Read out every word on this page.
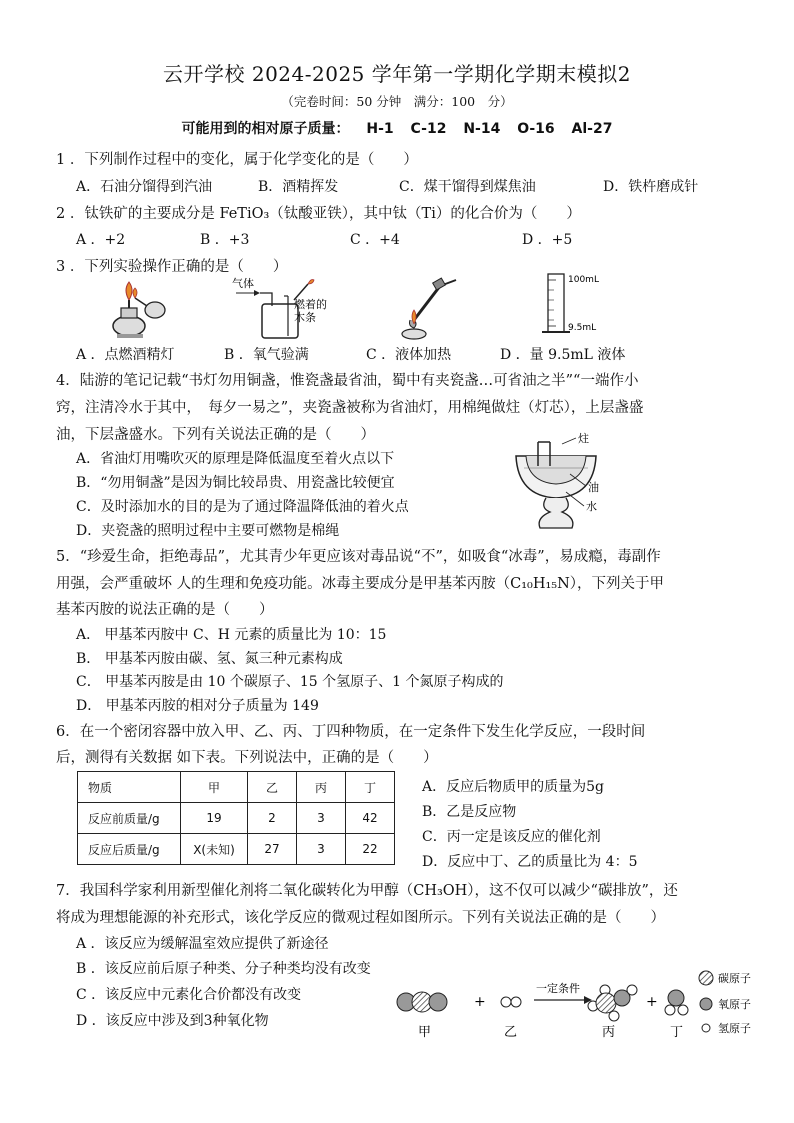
云开学校 2024-2025 学年第一学期化学期末模拟2
（完卷时间：50 分钟　满分：100　分）
可能用到的相对原子质量： H-1 C-12 N-14 O-16 Al-27
1 ．下列制作过程中的变化，属于化学变化的是（　　）
A．石油分馏得到汽油	B．酒精挥发	C．煤干馏得到煤焦油	D．铁杵磨成针
2 ．钛铁矿的主要成分是 FeTiO₃（钛酸亚铁），其中钛（Ti）的化合价为（　　）
A ．+2	B ．+3	C ．+4	D ．+5
3 ．下列实验操作正确的是（　　）
气体
燃着的
木条
100mL
9.5mL
A ．点燃酒精灯	B ．氧气验满	C ．液体加热	D ．量 9.5mL 液体
4．陆游的笔记记载“书灯勿用铜盏，惟瓷盏最省油，蜀中有夹瓷盏…可省油之半”“一端作小
窍，注清冷水于其中，　每夕一易之”，夹瓷盏被称为省油灯，用棉绳做炷（灯芯），上层盏盛
油，下层盏盛水。下列有关说法正确的是（　　）
A．省油灯用嘴吹灭的原理是降低温度至着火点以下
B．“勿用铜盏”是因为铜比较昂贵、用瓷盏比较便宜
C．及时添加水的目的是为了通过降温降低油的着火点
D．夹瓷盏的照明过程中主要可燃物是棉绳
炷
油
水
5．“珍爱生命，拒绝毒品”，尤其青少年更应该对毒品说“不”，如吸食“冰毒”，易成瘾，毒副作
用强，会严重破坏 人的生理和免疫功能。冰毒主要成分是甲基苯丙胺（C₁₀H₁₅N），下列关于甲
基苯丙胺的说法正确的是（　　）
A． 甲基苯丙胺中 C、H 元素的质量比为 10：15
B． 甲基苯丙胺由碳、氢、氮三种元素构成
C． 甲基苯丙胺是由 10 个碳原子、15 个氢原子、1 个氮原子构成的
D． 甲基苯丙胺的相对分子质量为 149
6．在一个密闭容器中放入甲、乙、丙、丁四种物质，在一定条件下发生化学反应，一段时间
后，测得有关数据 如下表。下列说法中，正确的是（　　）
物质	甲	乙	丙	丁
反应前质量/g	19	2	3	42
反应后质量/g	X(未知)	27	3	22
A．反应后物质甲的质量为5g
B．乙是反应物
C．丙一定是该反应的催化剂
D．反应中丁、乙的质量比为 4：5
7．我国科学家利用新型催化剂将二氧化碳转化为甲醇（CH₃OH），这不仅可以减少“碳排放”，还
将成为理想能源的补充形式，该化学反应的微观过程如图所示。下列有关说法正确的是（　　）
A ．该反应为缓解温室效应提供了新途径
B ．该反应前后原子种类、分子种类均没有改变
C ．该反应中元素化合价都没有改变
D ．该反应中涉及到3种氧化物
+
一定条件
+
甲	乙	丙	丁
碳原子
氧原子
氢原子
